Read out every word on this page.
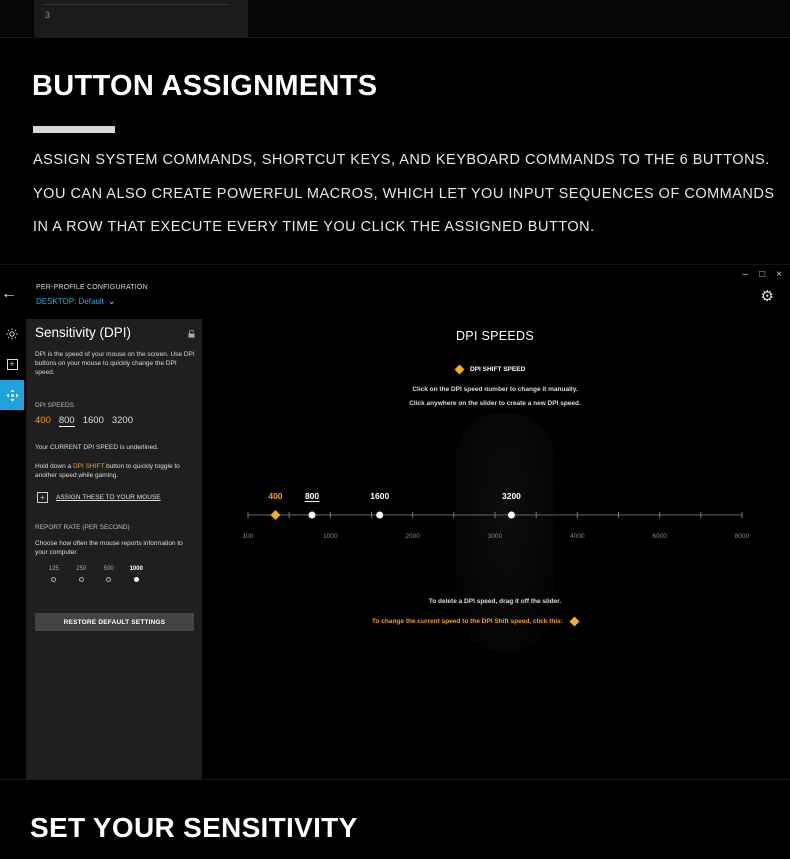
3
BUTTON ASSIGNMENTS
ASSIGN SYSTEM COMMANDS, SHORTCUT KEYS, AND KEYBOARD COMMANDS TO THE 6 BUTTONS.
YOU CAN ALSO CREATE POWERFUL MACROS, WHICH LET YOU INPUT SEQUENCES OF COMMANDS
IN A ROW THAT EXECUTE EVERY TIME YOU CLICK THE ASSIGNED BUTTON.
– □ ×
←	PER-PROFILE CONFIGURATION
DESKTOP: Default ⌄	⚙
+
Sensitivity (DPI)
DPI is the speed of your mouse on the screen. Use DPI buttons on your mouse to quickly change the DPI speed.
DPI SPEEDS
400 800 1600 3200
Your CURRENT DPI SPEED is underlined.
Hold down a DPI SHIFT button to quickly toggle to another speed while gaming.
+	ASSIGN THESE TO YOUR MOUSE
REPORT RATE (PER SECOND)
Choose how often the mouse reports information to your computer.
125	250	500	1000
RESTORE DEFAULT SETTINGS
DPI SPEEDS
DPI SHIFT SPEED
Click on the DPI speed number to change it manually.
Click anywhere on the slider to create a new DPI speed.
400	800	1600	3200
100	1000	2000	3000	4000	6000	8000
To delete a DPI speed, drag it off the slider.
To change the current speed to the DPI Shift speed, click this:
SET YOUR SENSITIVITY
